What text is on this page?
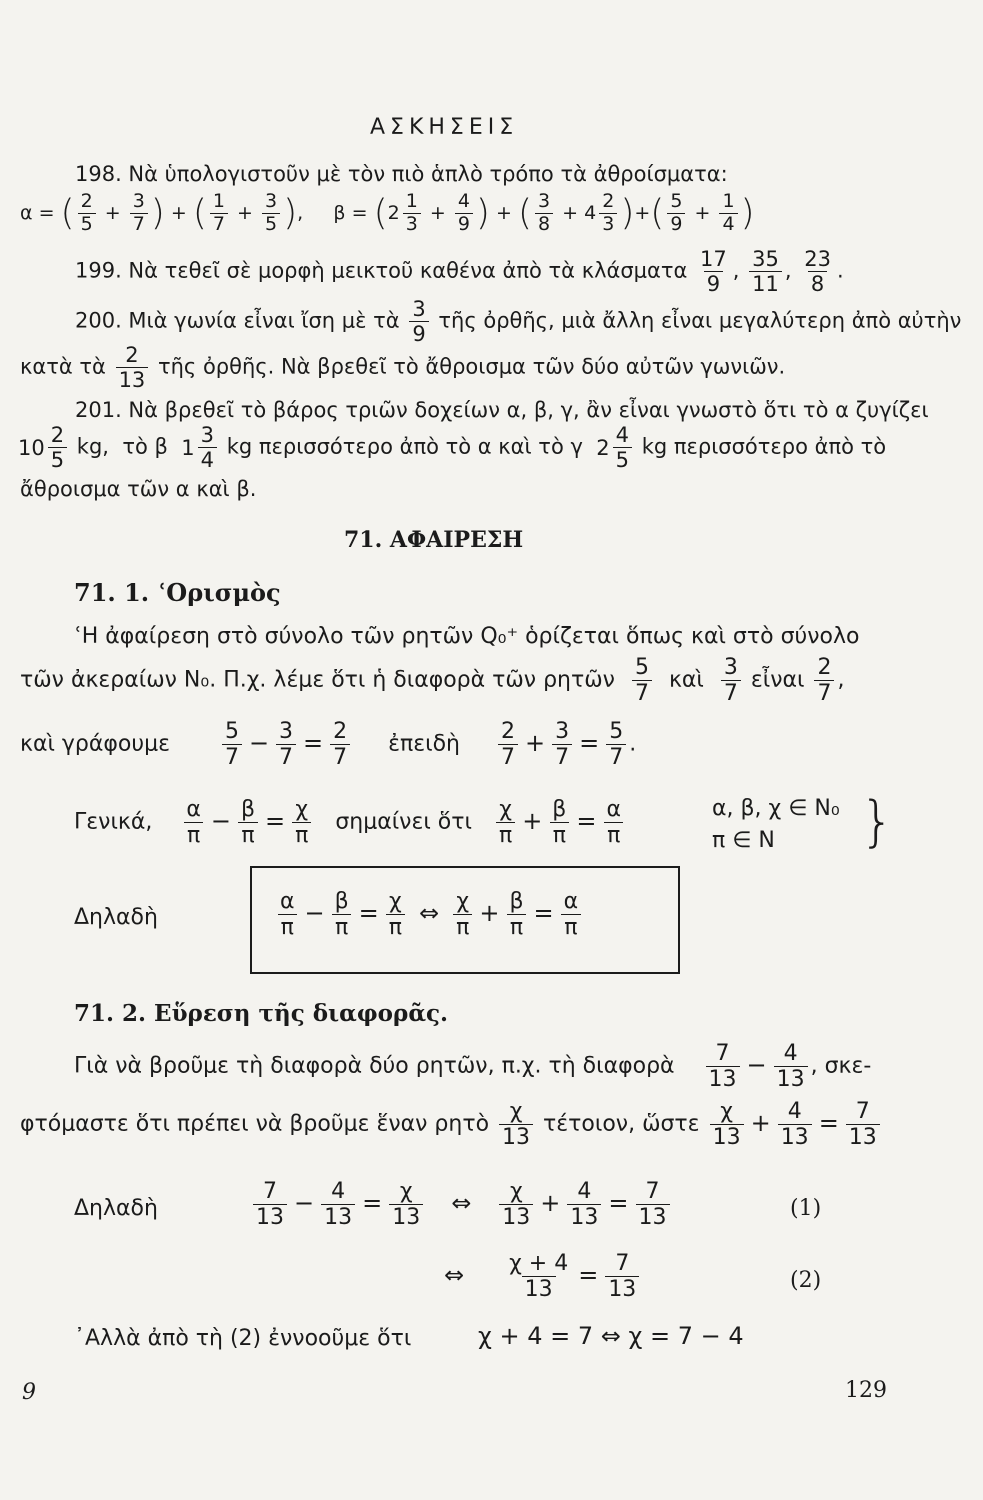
ΑΣΚΗΣΕΙΣ
198. Νὰ ὑπολογιστοῦν μὲ τὸν πιὸ ἁπλὸ τρόπο τὰ ἀθροίσματα:
α = ( $\frac{2}{5} + \frac{3}{7}$ ) + ( $\frac{1}{7} + \frac{3}{5}$ ), β = ( 2
1
$3 + \frac{4}{9}$ ) + ( $\frac{3}{8} + 4$
2
3 )+( $\frac{5}{9} + \frac{1}{4}$ )
199. Νὰ τεθεῖ σὲ μορφὴ μεικτοῦ καθένα ἀπὸ τὰ κλάσματα $\frac{17}{9}$ , $\frac{35}{11}$ , $\frac{23}{8}$ .
200. Μιὰ γωνία εἶναι ἴση μὲ τὰ $\frac{3}{9}$ τῆς ὀρθῆς, μιὰ ἄλλη εἶναι μεγαλύτερη ἀπὸ αὐτὴν
κατὰ τὰ $\frac{2}{13}$ τῆς ὀρθῆς. Νὰ βρεθεῖ τὸ ἄθροισμα τῶν δύο αὐτῶν γωνιῶν.
201. Νὰ βρεθεῖ τὸ βάρος τριῶν δοχείων α, β, γ, ἂν εἶναι γνωστὸ ὅτι τὸ α ζυγίζει
10
2
5
kg, τὸ β 1
3
4
kg περισσότερο ἀπὸ τὸ α καὶ τὸ γ 2
4
5
kg περισσότερο ἀπὸ τὸ
ἄθροισμα τῶν α καὶ β.
71. ΑΦΑΙΡΕΣΗ
71. 1. ʿΟρισμὸς
ʿΗ ἀφαίρεση στὸ σύνολο τῶν ρητῶν Q₀⁺ ὁρίζεται ὅπως καὶ στὸ σύνολο
τῶν ἀκεραίων N₀. Π.χ. λέμε ὅτι ἡ διαφορὰ τῶν ρητῶν $\frac{5}{7}$ καὶ $\frac{3}{7}$ εἶναι $\frac{2}{7}$ ,
καὶ γράφουμε $\frac{5}{7} - \frac{3}{7} = \frac{2}{7}$ ἐπειδὴ $\frac{2}{7} + \frac{3}{7} = \frac{5}{7}$ .
Γενικά, $\frac{\alpha}{\pi} - \frac{\beta}{\pi} = \frac{\chi}{\pi}$ σημαίνει ὅτι $\frac{\chi}{\pi} + \frac{\beta}{\pi} = \frac{\alpha}{\pi}$	α, β, χ ∈ N₀
π ∈ N }
Δηλαδὴ	$\frac{\alpha}{\pi} - \frac{\beta}{\pi} = \frac{\chi}{\pi}$ ⇔ $\frac{\chi}{\pi} + \frac{\beta}{\pi} = \frac{\alpha}{\pi}$
71. 2. Εὕρεση τῆς διαφορᾶς.
Γιὰ νὰ βροῦμε τὴ διαφορὰ δύο ρητῶν, π.χ. τὴ διαφορὰ $\frac{7}{13} - \frac{4}{13}$ , σκε-
φτόμαστε ὅτι πρέπει νὰ βροῦμε ἕναν ρητὸ $\frac{\chi}{13} \tau έ\tau o\iota o\nu$, ὥστε $\frac{\chi}{13} + \frac{4}{13} = \frac{7}{13}$
Δηλαδὴ	$\frac{7}{13} - \frac{4}{13} = \frac{\chi}{13}$ ⇔ $\frac{\chi}{13} + \frac{4}{13} = \frac{7}{13}$	(1)
⇔ $\frac{\chi + 4}{13} = \frac{7}{13}$	(2)
᾿Αλλὰ ἀπὸ τὴ (2) ἐννοοῦμε ὅτι	χ + 4 = 7 ⇔ χ = 7 − 4
9	129
